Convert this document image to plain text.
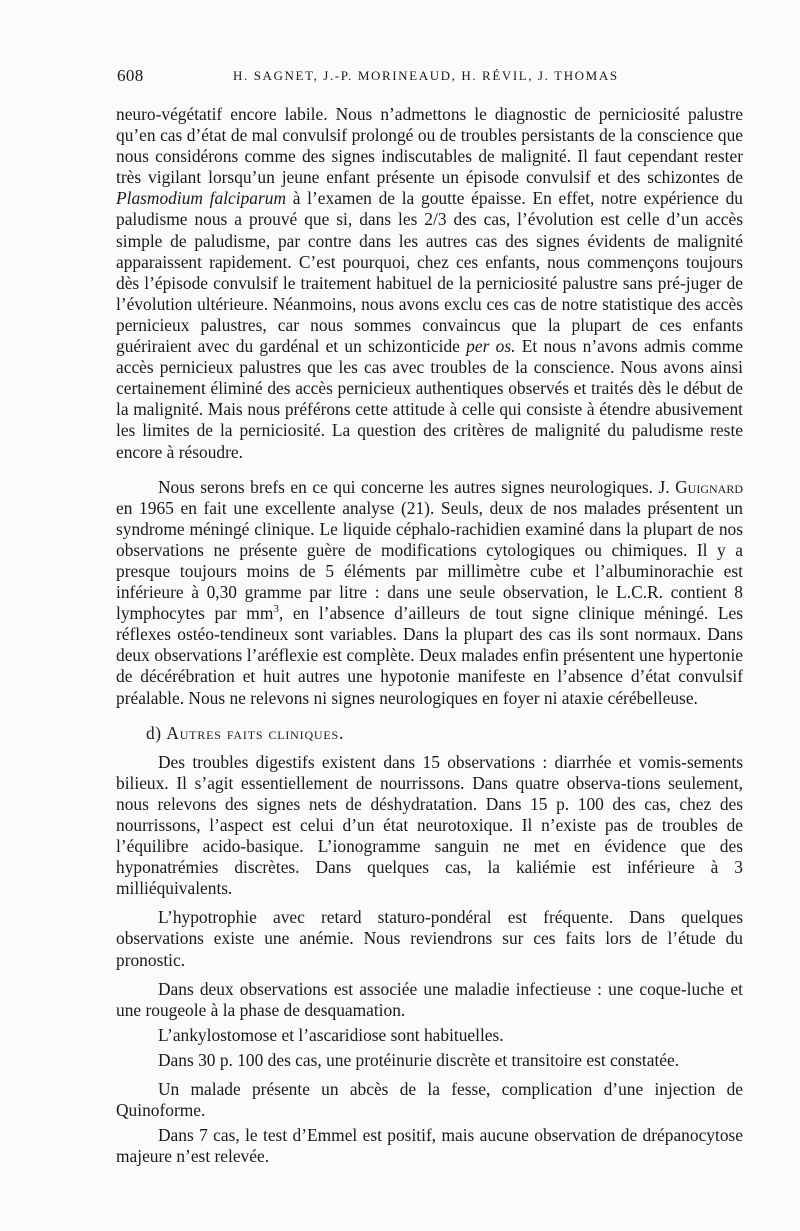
608	H. SAGNET, J.-P. MORINEAUD, H. RÉVIL, J. THOMAS

neuro-végétatif encore labile. Nous n’admettons le diagnostic de perniciosité palustre qu’en cas d’état de mal convulsif prolongé ou de troubles persistants de la conscience que nous considérons comme des signes indiscutables de malignité. Il faut cependant rester très vigilant lorsqu’un jeune enfant présente un épisode convulsif et des schizontes de Plasmodium falciparum à l’examen de la goutte épaisse. En effet, notre expérience du paludisme nous a prouvé que si, dans les 2/3 des cas, l’évolution est celle d’un accès simple de paludisme, par contre dans les autres cas des signes évidents de malignité apparaissent rapidement. C’est pourquoi, chez ces enfants, nous commençons toujours dès l’épisode convulsif le traitement habituel de la perniciosité palustre sans pré-juger de l’évolution ultérieure. Néanmoins, nous avons exclu ces cas de notre statistique des accès pernicieux palustres, car nous sommes convaincus que la plupart de ces enfants guériraient avec du gardénal et un schizonticide per os. Et nous n’avons admis comme accès pernicieux palustres que les cas avec troubles de la conscience. Nous avons ainsi certainement éliminé des accès pernicieux authentiques observés et traités dès le début de la malignité. Mais nous préférons cette attitude à celle qui consiste à étendre abusivement les limites de la perniciosité. La question des critères de malignité du paludisme reste encore à résoudre.

Nous serons brefs en ce qui concerne les autres signes neurologiques. J. Guignard en 1965 en fait une excellente analyse (21). Seuls, deux de nos malades présentent un syndrome méningé clinique. Le liquide céphalo-rachidien examiné dans la plupart de nos observations ne présente guère de modifications cytologiques ou chimiques. Il y a presque toujours moins de 5 éléments par millimètre cube et l’albuminorachie est inférieure à 0,30 gramme par litre : dans une seule observation, le L.C.R. contient 8 lymphocytes par $mm^3$, en l’absence d’ailleurs de tout signe clinique méningé. Les réflexes ostéo-tendineux sont variables. Dans la plupart des cas ils sont normaux. Dans deux observations l’aréflexie est complète. Deux malades enfin présentent une hypertonie de décérébration et huit autres une hypotonie manifeste en l’absence d’état convulsif préalable. Nous ne relevons ni signes neurologiques en foyer ni ataxie cérébelleuse.

d) Autres faits cliniques.

Des troubles digestifs existent dans 15 observations : diarrhée et vomis-sements bilieux. Il s’agit essentiellement de nourrissons. Dans quatre observa-tions seulement, nous relevons des signes nets de déshydratation. Dans 15 p. 100 des cas, chez des nourrissons, l’aspect est celui d’un état neurotoxique. Il n’existe pas de troubles de l’équilibre acido-basique. L’ionogramme sanguin ne met en évidence que des hyponatrémies discrètes. Dans quelques cas, la kaliémie est inférieure à 3 milliéquivalents.

L’hypotrophie avec retard staturo-pondéral est fréquente. Dans quelques observations existe une anémie. Nous reviendrons sur ces faits lors de l’étude du pronostic.

Dans deux observations est associée une maladie infectieuse : une coque-luche et une rougeole à la phase de desquamation.

L’ankylostomose et l’ascaridiose sont habituelles.

Dans 30 p. 100 des cas, une protéinurie discrète et transitoire est constatée.

Un malade présente un abcès de la fesse, complication d’une injection de Quinoforme.

Dans 7 cas, le test d’Emmel est positif, mais aucune observation de drépanocytose majeure n’est relevée.
